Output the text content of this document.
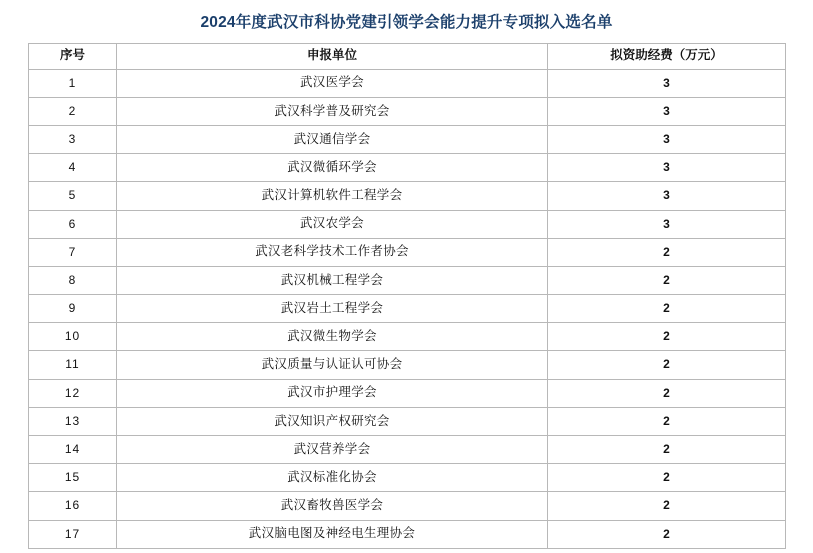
2024年度武汉市科协党建引领学会能力提升专项拟入选名单
序号	申报单位	拟资助经费（万元）
1	武汉医学会	3
2	武汉科学普及研究会	3
3	武汉通信学会	3
4	武汉微循环学会	3
5	武汉计算机软件工程学会	3
6	武汉农学会	3
7	武汉老科学技术工作者协会	2
8	武汉机械工程学会	2
9	武汉岩土工程学会	2
10	武汉微生物学会	2
11	武汉质量与认证认可协会	2
12	武汉市护理学会	2
13	武汉知识产权研究会	2
14	武汉营养学会	2
15	武汉标准化协会	2
16	武汉畜牧兽医学会	2
17	武汉脑电图及神经电生理协会	2
